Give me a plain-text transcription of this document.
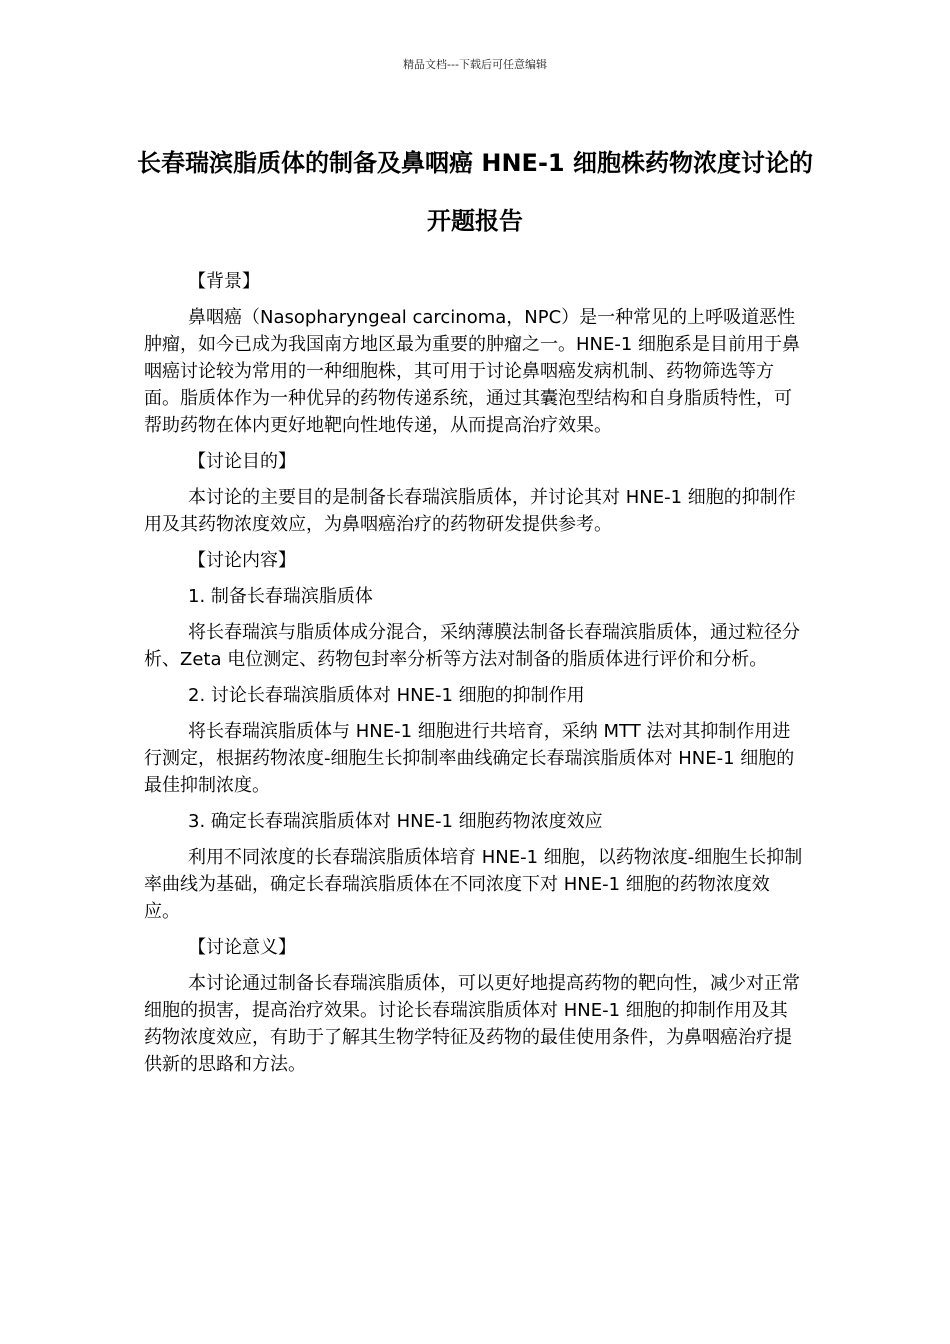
精品文档---下载后可任意编辑
长春瑞滨脂质体的制备及鼻咽癌 HNE-1 细胞株药物浓度讨论的开题报告

【背景】

鼻咽癌（Nasopharyngeal carcinoma，NPC）是一种常见的上呼吸道恶性肿瘤，如今已成为我国南方地区最为重要的肿瘤之一。HNE-1 细胞系是目前用于鼻咽癌讨论较为常用的一种细胞株，其可用于讨论鼻咽癌发病机制、药物筛选等方面。脂质体作为一种优异的药物传递系统，通过其囊泡型结构和自身脂质特性，可帮助药物在体内更好地靶向性地传递，从而提高治疗效果。

【讨论目的】

本讨论的主要目的是制备长春瑞滨脂质体，并讨论其对 HNE-1 细胞的抑制作用及其药物浓度效应，为鼻咽癌治疗的药物研发提供参考。

【讨论内容】

1. 制备长春瑞滨脂质体

将长春瑞滨与脂质体成分混合，采纳薄膜法制备长春瑞滨脂质体，通过粒径分析、Zeta 电位测定、药物包封率分析等方法对制备的脂质体进行评价和分析。

2. 讨论长春瑞滨脂质体对 HNE-1 细胞的抑制作用

将长春瑞滨脂质体与 HNE-1 细胞进行共培育，采纳 MTT 法对其抑制作用进行测定，根据药物浓度-细胞生长抑制率曲线确定长春瑞滨脂质体对 HNE-1 细胞的最佳抑制浓度。

3. 确定长春瑞滨脂质体对 HNE-1 细胞药物浓度效应

利用不同浓度的长春瑞滨脂质体培育 HNE-1 细胞，以药物浓度-细胞生长抑制率曲线为基础，确定长春瑞滨脂质体在不同浓度下对 HNE-1 细胞的药物浓度效应。

【讨论意义】

本讨论通过制备长春瑞滨脂质体，可以更好地提高药物的靶向性，减少对正常细胞的损害，提高治疗效果。讨论长春瑞滨脂质体对 HNE-1 细胞的抑制作用及其药物浓度效应，有助于了解其生物学特征及药物的最佳使用条件，为鼻咽癌治疗提供新的思路和方法。
